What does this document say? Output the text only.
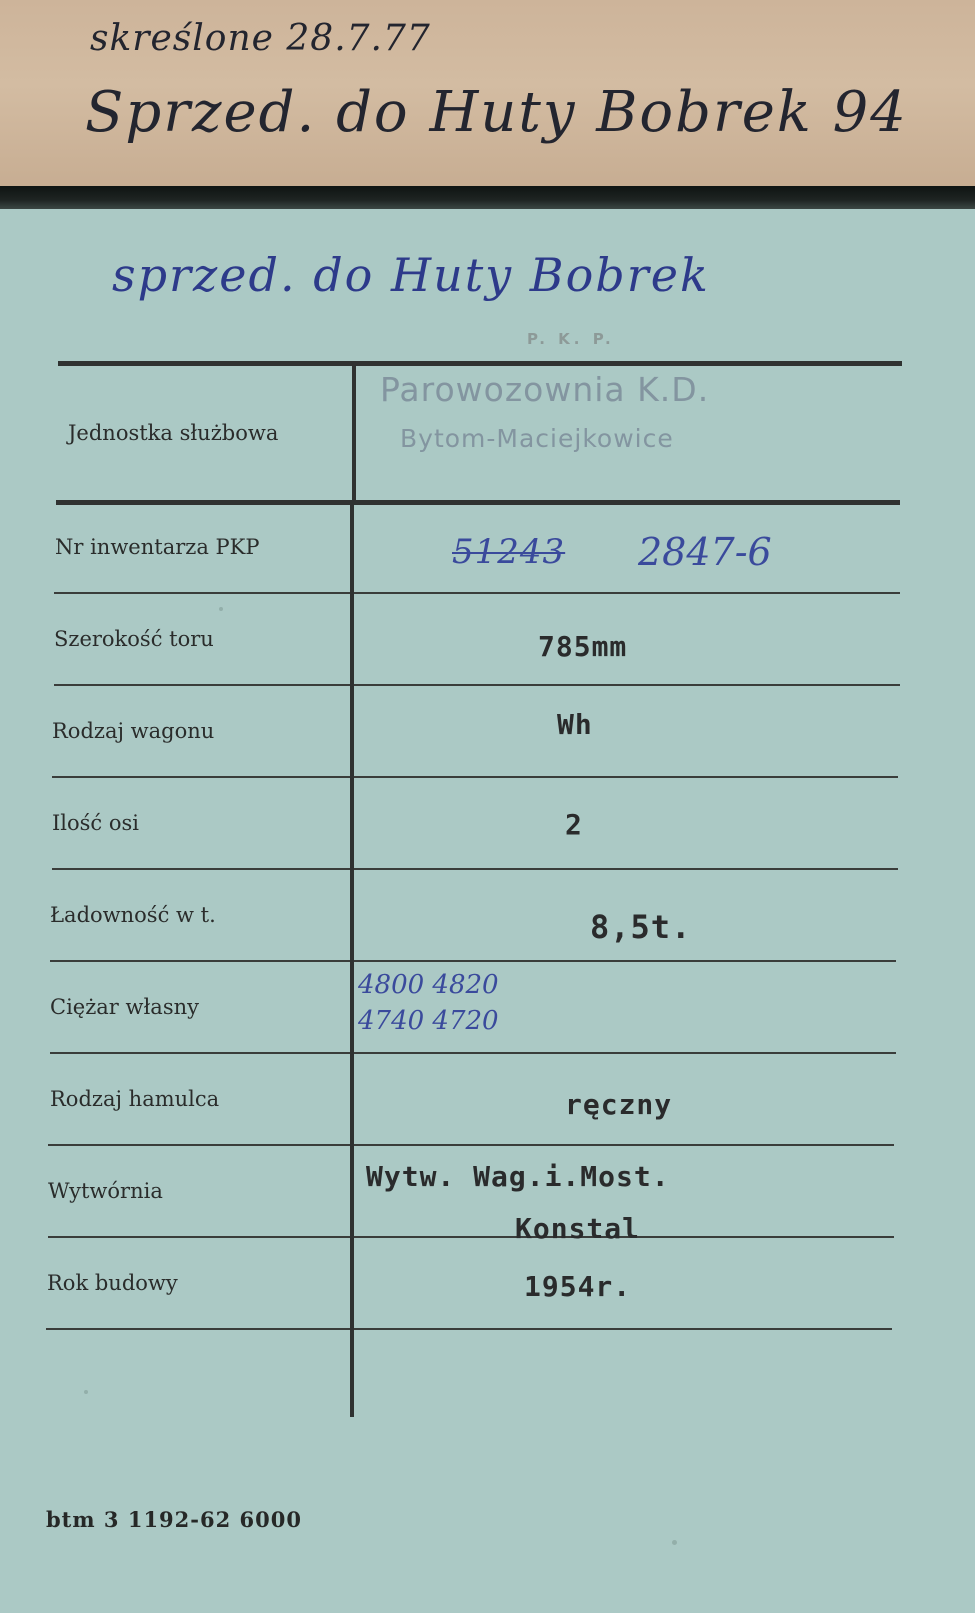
skreślone 28.7.77
Sprzed. do Huty Bobrek 94
sprzed. do Huty Bobrek
P. K. P.
Parowozownia K.D.
Bytom-Maciejkowice
Jednostka służbowa
Nr inwentarza PKP
Szerokość toru
Rodzaj wagonu
Ilość osi
Ładowność w t.
Ciężar własny
Rodzaj hamulca
Wytwórnia
Rok budowy
51243 2847-6
785mm
Wh
2
8,5t.
4800 4820
4740 4720
ręczny
Wytw. Wag.i.Most.
Konstal
1954r.
btm 3 1192-62 6000
